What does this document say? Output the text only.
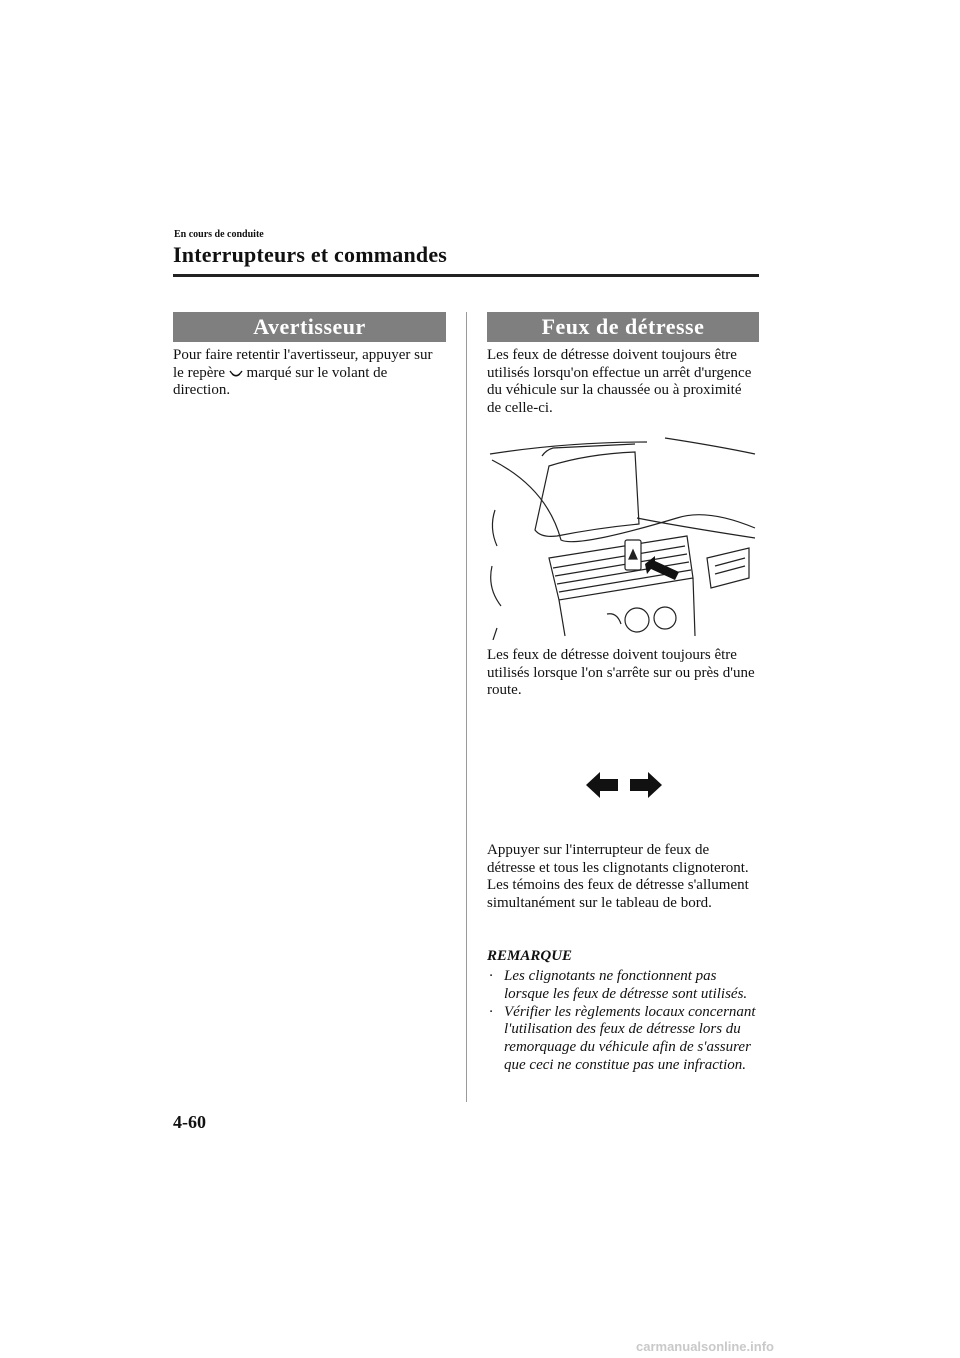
En cours de conduite
Interrupteurs et commandes
Avertisseur
Pour faire retentir l'avertisseur, appuyer sur le repère  marqué sur le volant de direction.
Feux de détresse
Les feux de détresse doivent toujours être utilisés lorsqu'on effectue un arrêt d'urgence du véhicule sur la chaussée ou à proximité de celle-ci.
Les feux de détresse doivent toujours être utilisés lorsque l'on s'arrête sur ou près d'une route.
Appuyer sur l'interrupteur de feux de détresse et tous les clignotants clignoteront. Les témoins des feux de détresse s'allument simultanément sur le tableau de bord.
REMARQUE
· Les clignotants ne fonctionnent pas lorsque les feux de détresse sont utilisés.
· Vérifier les règlements locaux concernant l'utilisation des feux de détresse lors du remorquage du véhicule afin de s'assurer que ceci ne constitue pas une infraction.
4-60
carmanualsonline.info
